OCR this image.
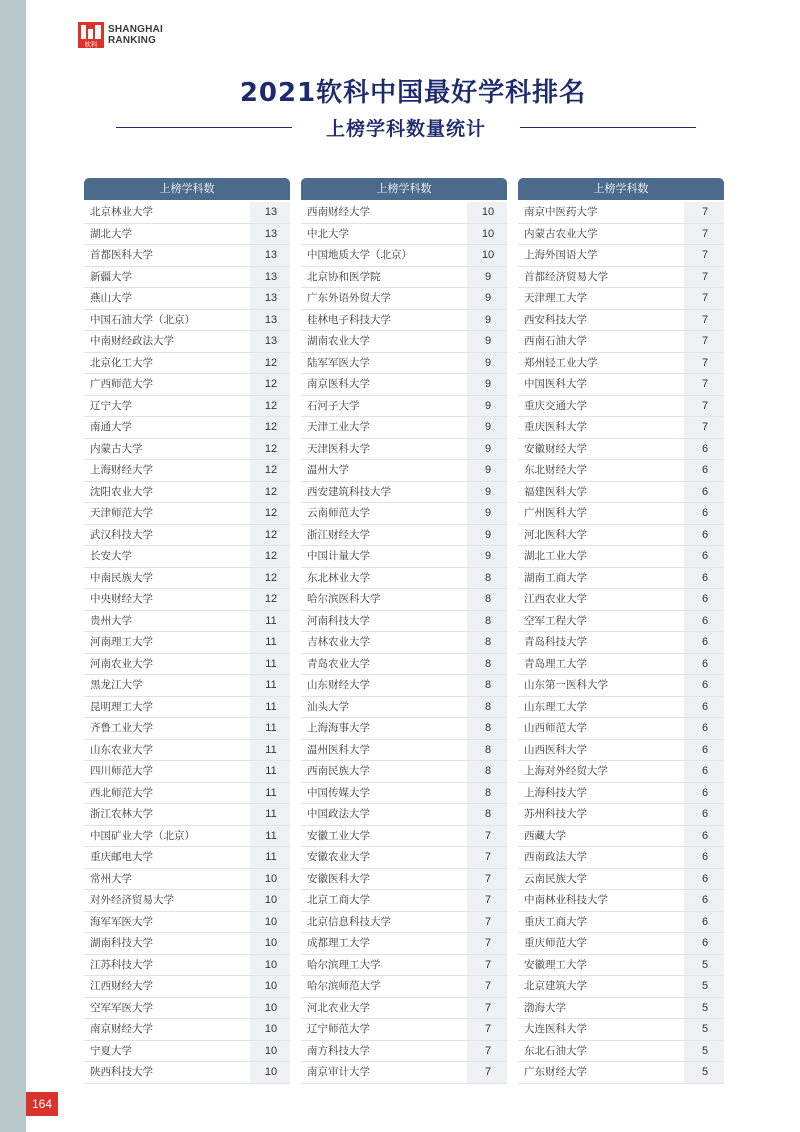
软科
SHANGHAI
RANKING
2021软科中国最好学科排名
上榜学科数量统计
上榜学科数
北京林业大学	13
湖北大学	13
首都医科大学	13
新疆大学	13
燕山大学	13
中国石油大学（北京）	13
中南财经政法大学	13
北京化工大学	12
广西师范大学	12
辽宁大学	12
南通大学	12
内蒙古大学	12
上海财经大学	12
沈阳农业大学	12
天津师范大学	12
武汉科技大学	12
长安大学	12
中南民族大学	12
中央财经大学	12
贵州大学	11
河南理工大学	11
河南农业大学	11
黑龙江大学	11
昆明理工大学	11
齐鲁工业大学	11
山东农业大学	11
四川师范大学	11
西北师范大学	11
浙江农林大学	11
中国矿业大学（北京）	11
重庆邮电大学	11
常州大学	10
对外经济贸易大学	10
海军军医大学	10
湖南科技大学	10
江苏科技大学	10
江西财经大学	10
空军军医大学	10
南京财经大学	10
宁夏大学	10
陕西科技大学	10
上榜学科数
西南财经大学	10
中北大学	10
中国地质大学（北京）	10
北京协和医学院	9
广东外语外贸大学	9
桂林电子科技大学	9
湖南农业大学	9
陆军军医大学	9
南京医科大学	9
石河子大学	9
天津工业大学	9
天津医科大学	9
温州大学	9
西安建筑科技大学	9
云南师范大学	9
浙江财经大学	9
中国计量大学	9
东北林业大学	8
哈尔滨医科大学	8
河南科技大学	8
吉林农业大学	8
青岛农业大学	8
山东财经大学	8
汕头大学	8
上海海事大学	8
温州医科大学	8
西南民族大学	8
中国传媒大学	8
中国政法大学	8
安徽工业大学	7
安徽农业大学	7
安徽医科大学	7
北京工商大学	7
北京信息科技大学	7
成都理工大学	7
哈尔滨理工大学	7
哈尔滨师范大学	7
河北农业大学	7
辽宁师范大学	7
南方科技大学	7
南京审计大学	7
上榜学科数
南京中医药大学	7
内蒙古农业大学	7
上海外国语大学	7
首都经济贸易大学	7
天津理工大学	7
西安科技大学	7
西南石油大学	7
郑州轻工业大学	7
中国医科大学	7
重庆交通大学	7
重庆医科大学	7
安徽财经大学	6
东北财经大学	6
福建医科大学	6
广州医科大学	6
河北医科大学	6
湖北工业大学	6
湖南工商大学	6
江西农业大学	6
空军工程大学	6
青岛科技大学	6
青岛理工大学	6
山东第一医科大学	6
山东理工大学	6
山西师范大学	6
山西医科大学	6
上海对外经贸大学	6
上海科技大学	6
苏州科技大学	6
西藏大学	6
西南政法大学	6
云南民族大学	6
中南林业科技大学	6
重庆工商大学	6
重庆师范大学	6
安徽理工大学	5
北京建筑大学	5
渤海大学	5
大连医科大学	5
东北石油大学	5
广东财经大学	5
164
